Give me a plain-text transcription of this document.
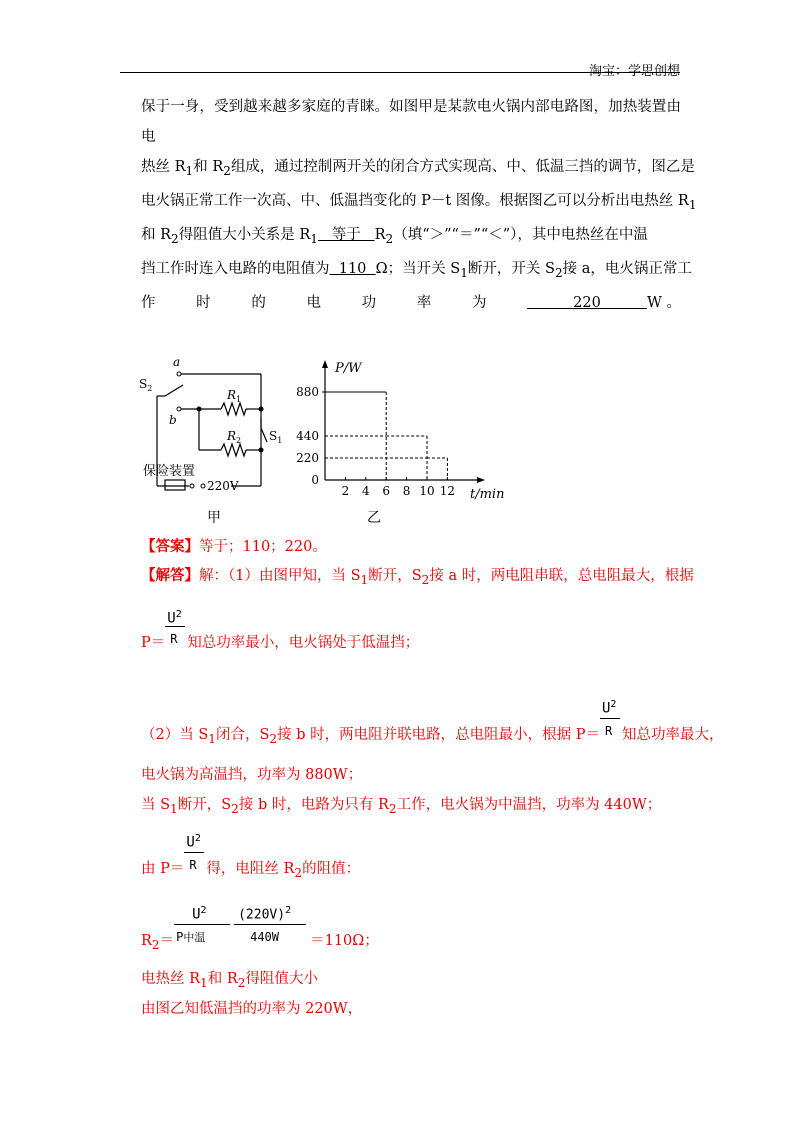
淘宝：学思创想
保于一身，受到越来越多家庭的青睐。如图甲是某款电火锅内部电路图，加热装置由电
热丝 $R_1$和 $R_2$组成，通过控制两开关的闭合方式实现高、中、低温三挡的调节，图乙是
电火锅正常工作一次高、中、低温挡变化的 P－t 图像。根据图乙可以分析出电热丝 $R_1$
和 $R_2$得阻值大小关系是 $R_1$   等于   $R_2$（填“＞”“＝”“＜”），其中电热丝在中温
挡工作时连入电路的电阻值为  110  Ω；当开关 $S_1$断开，开关 $S_2$接 a，电火锅正常工
作	时	的	电	功	率	为	220          W 。
a
b
$S_2$	$R_1$
$R_2$ $S_1$
保险装置
220V
甲
P/W
t/min
乙
2 4 6 8 10 12
880
440
220
0
【答案】等于；110；220。
【解答】解：（1）由图甲知，当 $S_1$断开，$S_2$接 a 时，两电阻串联，总电阻最大，根据
$P= \frac{U^2}{R}$ 知总功率最小，电火锅处于低温挡；
（2）当 $S_1$闭合，$S_2$接 b 时，两电阻并联电路，总电阻最小，根据 $P= \frac{U^2}{R}$ 知总功率最大，
电火锅为高温挡，功率为 880W；
当 $S_1$断开，$S_2$接 b 时，电路为只有 $R_2$工作，电火锅为中温挡，功率为 440W；
由 $P= \frac{U^2}{R}$ 得，电阻丝 $R_2$的阻值：
$R_2= \frac{U^2}{\text{P中温}} \frac{(220V)^2}{440W} =110\Omega$；
电热丝 $R_1$和 $R_2$得阻值大小
由图乙知低温挡的功率为 220W，
